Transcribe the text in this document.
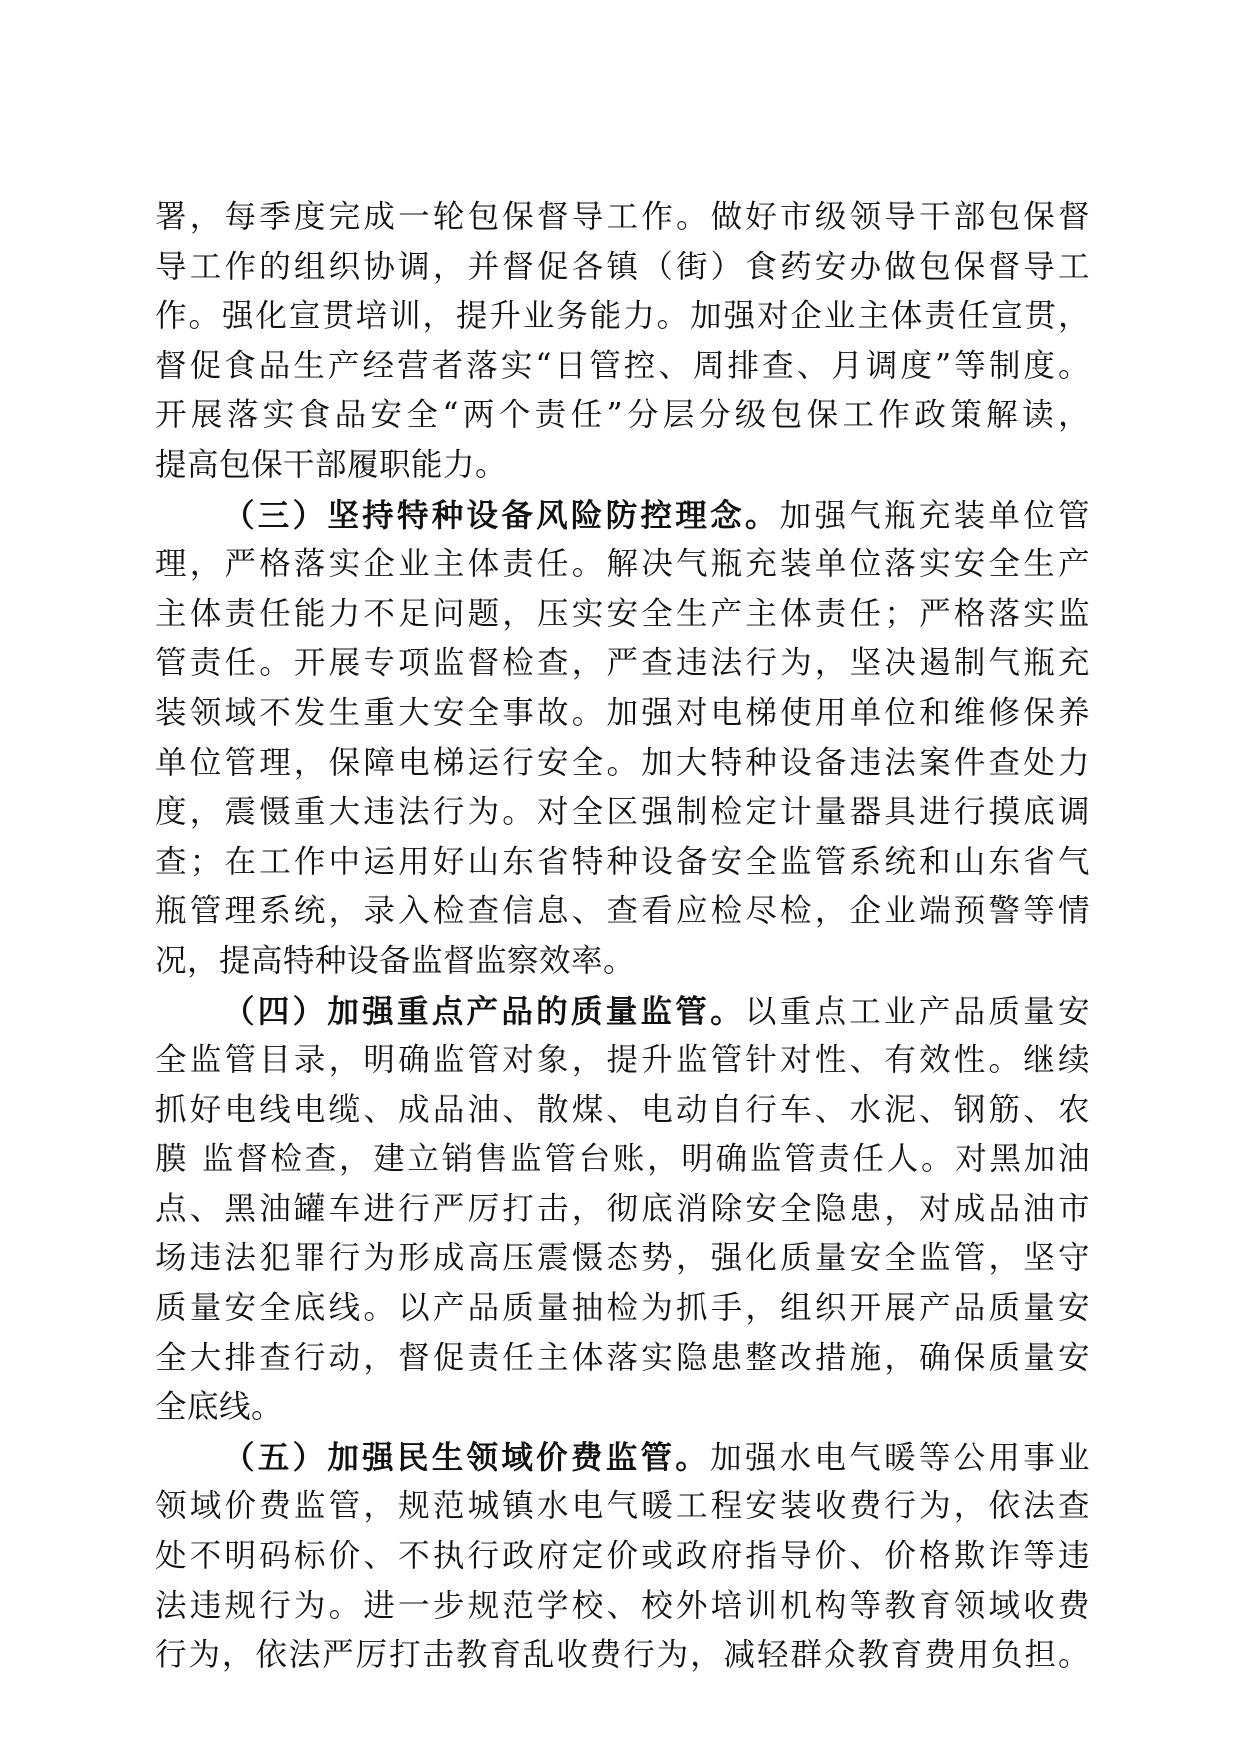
署，每季度完成一轮包保督导工作。做好市级领导干部包保督
导工作的组织协调，并督促各镇（街）食药安办做包保督导工
作。强化宣贯培训，提升业务能力。加强对企业主体责任宣贯，
督促食品生产经营者落实“日管控、周排查、月调度”等制度。
开展落实食品安全“两个责任”分层分级包保工作政策解读，
提高包保干部履职能力。
（三）坚持特种设备风险防控理念。加强气瓶充装单位管
理，严格落实企业主体责任。解决气瓶充装单位落实安全生产
主体责任能力不足问题，压实安全生产主体责任；严格落实监
管责任。开展专项监督检查，严查违法行为，坚决遏制气瓶充
装领域不发生重大安全事故。加强对电梯使用单位和维修保养
单位管理，保障电梯运行安全。加大特种设备违法案件查处力
度，震慑重大违法行为。对全区强制检定计量器具进行摸底调
查；在工作中运用好山东省特种设备安全监管系统和山东省气
瓶管理系统，录入检查信息、查看应检尽检，企业端预警等情
况，提高特种设备监督监察效率。
（四）加强重点产品的质量监管。以重点工业产品质量安
全监管目录，明确监管对象，提升监管针对性、有效性。继续
抓好电线电缆、成品油、散煤、电动自行车、水泥、钢筋、农
膜 监督检查，建立销售监管台账，明确监管责任人。对黑加油
点、黑油罐车进行严厉打击，彻底消除安全隐患，对成品油市
场违法犯罪行为形成高压震慑态势，强化质量安全监管，坚守
质量安全底线。以产品质量抽检为抓手，组织开展产品质量安
全大排查行动，督促责任主体落实隐患整改措施，确保质量安
全底线。
（五）加强民生领域价费监管。加强水电气暖等公用事业
领域价费监管，规范城镇水电气暖工程安装收费行为，依法查
处不明码标价、不执行政府定价或政府指导价、价格欺诈等违
法违规行为。进一步规范学校、校外培训机构等教育领域收费
行为，依法严厉打击教育乱收费行为，减轻群众教育费用负担。
